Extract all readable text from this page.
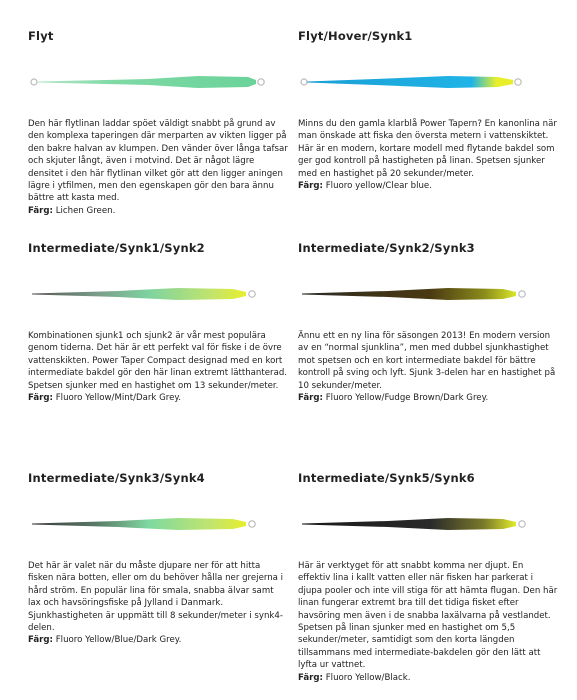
Flyt

Den här flytlinan laddar spöet väldigt snabbt på grund av den komplexa taperingen där merparten av vikten ligger på den bakre halvan av klumpen. Den vänder över långa tafsar och skjuter långt, även i motvind. Det är något lägre densitet i den här flytlinan vilket gör att den ligger aningen lägre i ytfilmen, men den egenskapen gör den bara ännu bättre att kasta med.

Färg: Lichen Green.

Flyt/Hover/Synk1

Minns du den gamla klarblå Power Tapern? En kanonlina när man önskade att fiska den översta metern i vattenskiktet. Här är en modern, kortare modell med flytande bakdel som ger god kontroll på hastigheten på linan. Spetsen sjunker med en hastighet på 20 sekunder/meter.

Färg: Fluoro yellow/Clear blue.

Intermediate/Synk1/Synk2

Kombinationen sjunk1 och sjunk2 är vår mest populära genom tiderna. Det här är ett perfekt val för fiske i de övre vattenskikten. Power Taper Compact designad med en kort intermediate bakdel gör den här linan extremt lätthanterad. Spetsen sjunker med en hastighet om 13 sekunder/meter.

Färg: Fluoro Yellow/Mint/Dark Grey.

Intermediate/Synk2/Synk3

Ännu ett en ny lina för säsongen 2013! En modern version av en “normal sjunklina”, men med dubbel sjunkhastighet mot spetsen och en kort intermediate bakdel för bättre kontroll på sving och lyft. Sjunk 3-delen har en hastighet på 10 sekunder/meter.

Färg: Fluoro Yellow/Fudge Brown/Dark Grey.

Intermediate/Synk3/Synk4

Det här är valet när du måste djupare ner för att hitta fisken nära botten, eller om du behöver hålla ner grejerna i hård ström. En populär lina för smala, snabba älvar samt lax och havsöringsfiske på Jylland i Danmark. Sjunkhastigheten är uppmätt till 8 sekunder/meter i synk4-delen.

Färg: Fluoro Yellow/Blue/Dark Grey.

Intermediate/Synk5/Synk6

Här är verktyget för att snabbt komma ner djupt. En effektiv lina i kallt vatten eller när fisken har parkerat i djupa pooler och inte vill stiga för att hämta flugan. Den här linan fungerar extremt bra till det tidiga fisket efter havsöring men även i de snabba laxälvarna på vestlandet. Spetsen på linan sjunker med en hastighet om 5,5 sekunder/meter, samtidigt som den korta längden tillsammans med intermediate-bakdelen gör den lätt att lyfta ur vattnet.

Färg: Fluoro Yellow/Black.
